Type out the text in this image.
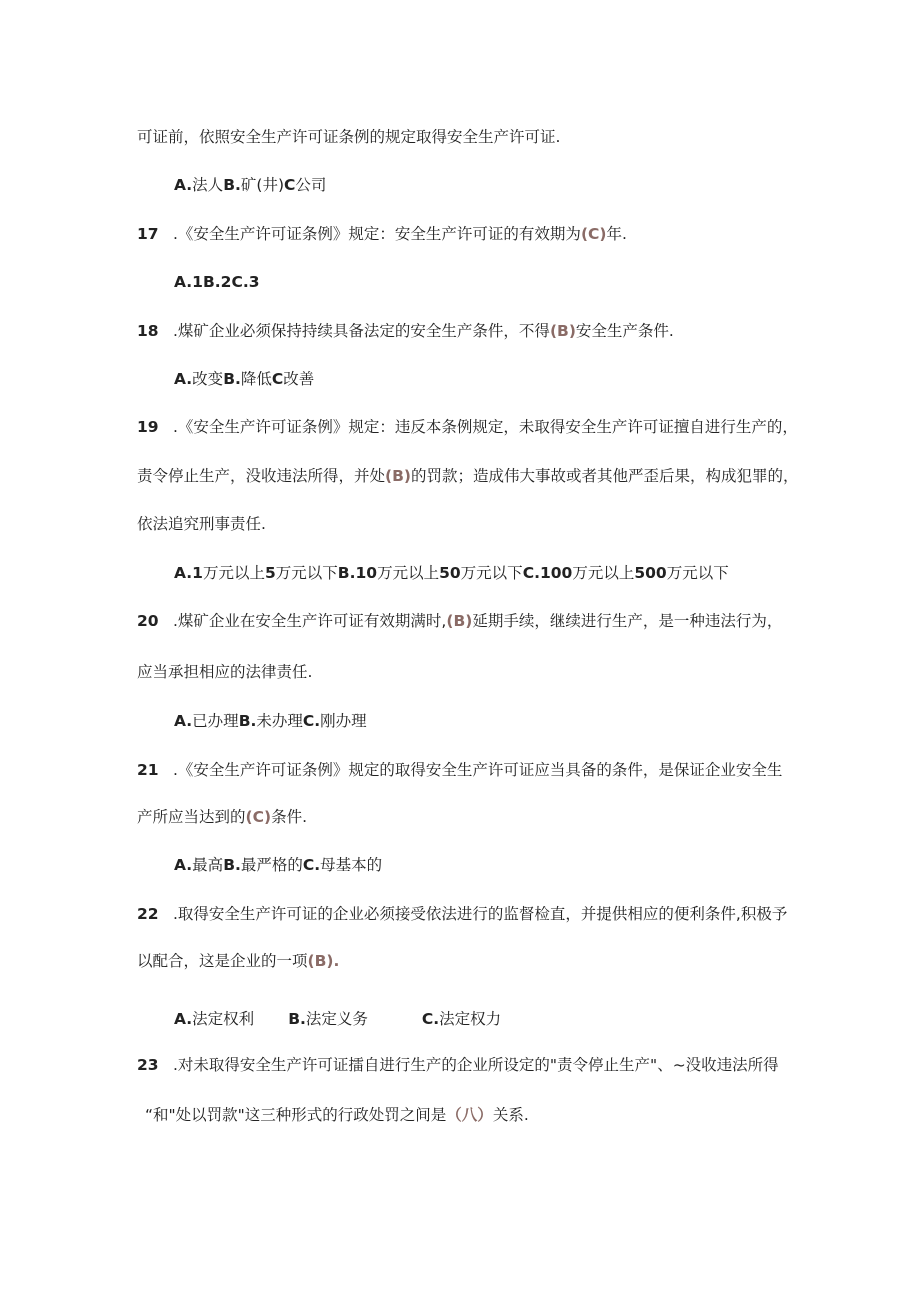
可证前，依照安全生产许可证条例的规定取得安全生产许可证.
A.法人B.矿(井)C公司
17 .《安全生产许可证条例》规定：安全生产许可证的有效期为(C)年.
A.1B.2C.3
18 .煤矿企业必须保持持续具备法定的安全生产条件，不得(B)安全生产条件.
A.改变B.降低C改善
19 .《安全生产许可证条例》规定：违反本条例规定，未取得安全生产许可证擅自进行生产的，
责令停止生产，没收违法所得，并处(B)的罚款；造成伟大事故或者其他严歪后果，构成犯罪的，
依法追究刑事责任.
A.1万元以上5万元以下B.10万元以上50万元以下C.100万元以上500万元以下
20 .煤矿企业在安全生产许可证有效期满时,(B)延期手续，继续进行生产，是一种违法行为，
应当承担相应的法律责任.
A.已办理B.未办理C.刚办理
21 .《安全生产许可证条例》规定的取得安全生产许可证应当具备的条件，是保证企业安全生
产所应当达到的(C)条件.
A.最高B.最严格的C.母基本的
22 .取得安全生产许可证的企业必须接受依法进行的监督检直，并提供相应的便利条件,积极予
以配合，这是企业的一项(B).
A.法定权利 B.法定义务	C.法定权力
23 .对未取得安全生产许可证擂自进行生产的企业所设定的"责令停止生产"、~没收违法所得
“和"处以罚款"这三种形式的行政处罚之间是（八）关系.
